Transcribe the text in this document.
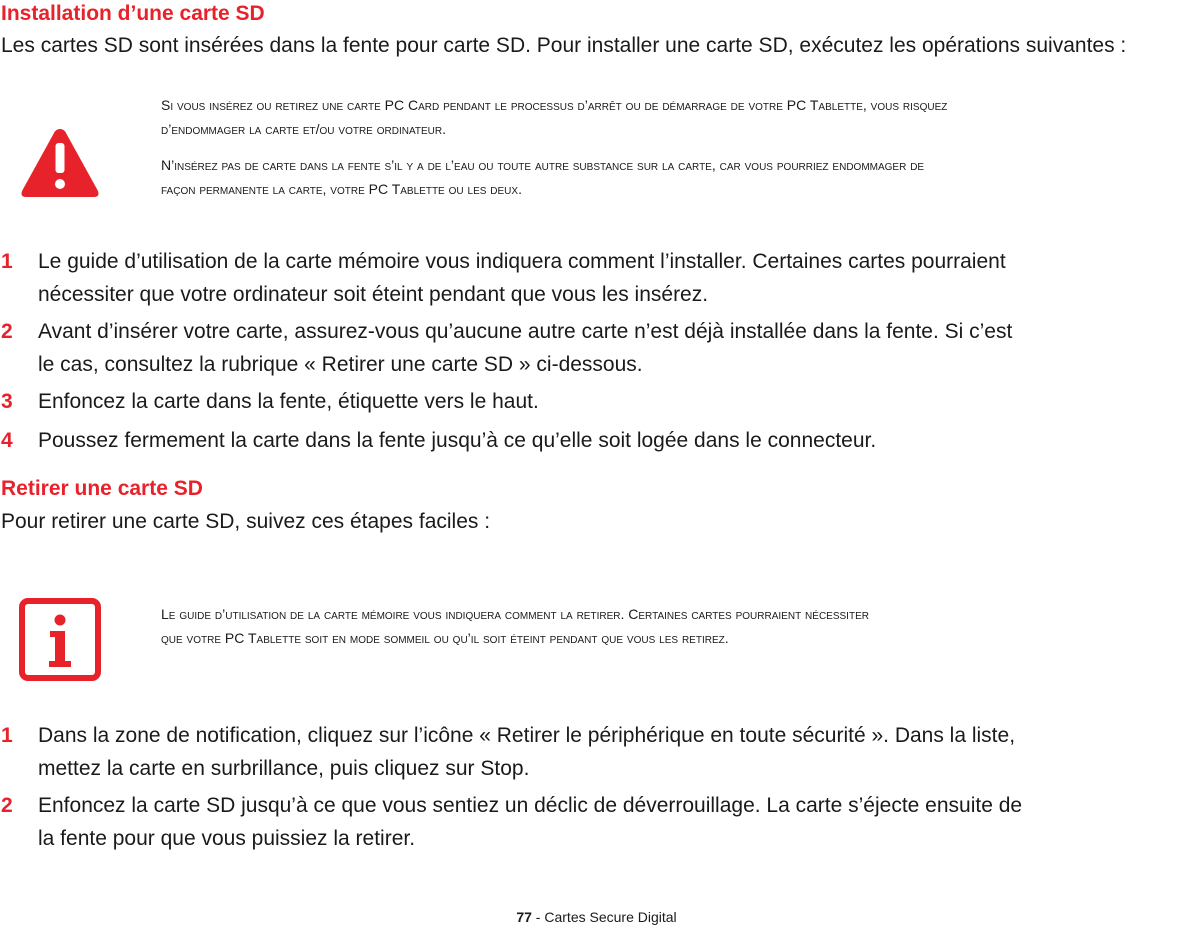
Installation d’une carte SD

Les cartes SD sont insérées dans la fente pour carte SD. Pour installer une carte SD, exécutez les opérations suivantes :

Si vous insérez ou retirez une carte PC Card pendant le processus d’arrêt ou de démarrage de votre PC Tablette, vous risquez

d’endommager la carte et/ou votre ordinateur.

N’insérez pas de carte dans la fente s’il y a de l’eau ou toute autre substance sur la carte, car vous pourriez endommager de

façon permanente la carte, votre PC Tablette ou les deux.

1 Le guide d’utilisation de la carte mémoire vous indiquera comment l’installer. Certaines cartes pourraient
nécessiter que votre ordinateur soit éteint pendant que vous les insérez.
2 Avant d’insérer votre carte, assurez-vous qu’aucune autre carte n’est déjà installée dans la fente. Si c’est
le cas, consultez la rubrique « Retirer une carte SD » ci-dessous.
3 Enfoncez la carte dans la fente, étiquette vers le haut.
4 Poussez fermement la carte dans la fente jusqu’à ce qu’elle soit logée dans le connecteur.
Retirer une carte SD

Pour retirer une carte SD, suivez ces étapes faciles :

Le guide d’utilisation de la carte mémoire vous indiquera comment la retirer. Certaines cartes pourraient nécessiter

que votre PC Tablette soit en mode sommeil ou qu’il soit éteint pendant que vous les retirez.

1 Dans la zone de notification, cliquez sur l’icône « Retirer le périphérique en toute sécurité ». Dans la liste,
mettez la carte en surbrillance, puis cliquez sur Stop.
2 Enfoncez la carte SD jusqu’à ce que vous sentiez un déclic de déverrouillage. La carte s’éjecte ensuite de
la fente pour que vous puissiez la retirer.
77 - Cartes Secure Digital
